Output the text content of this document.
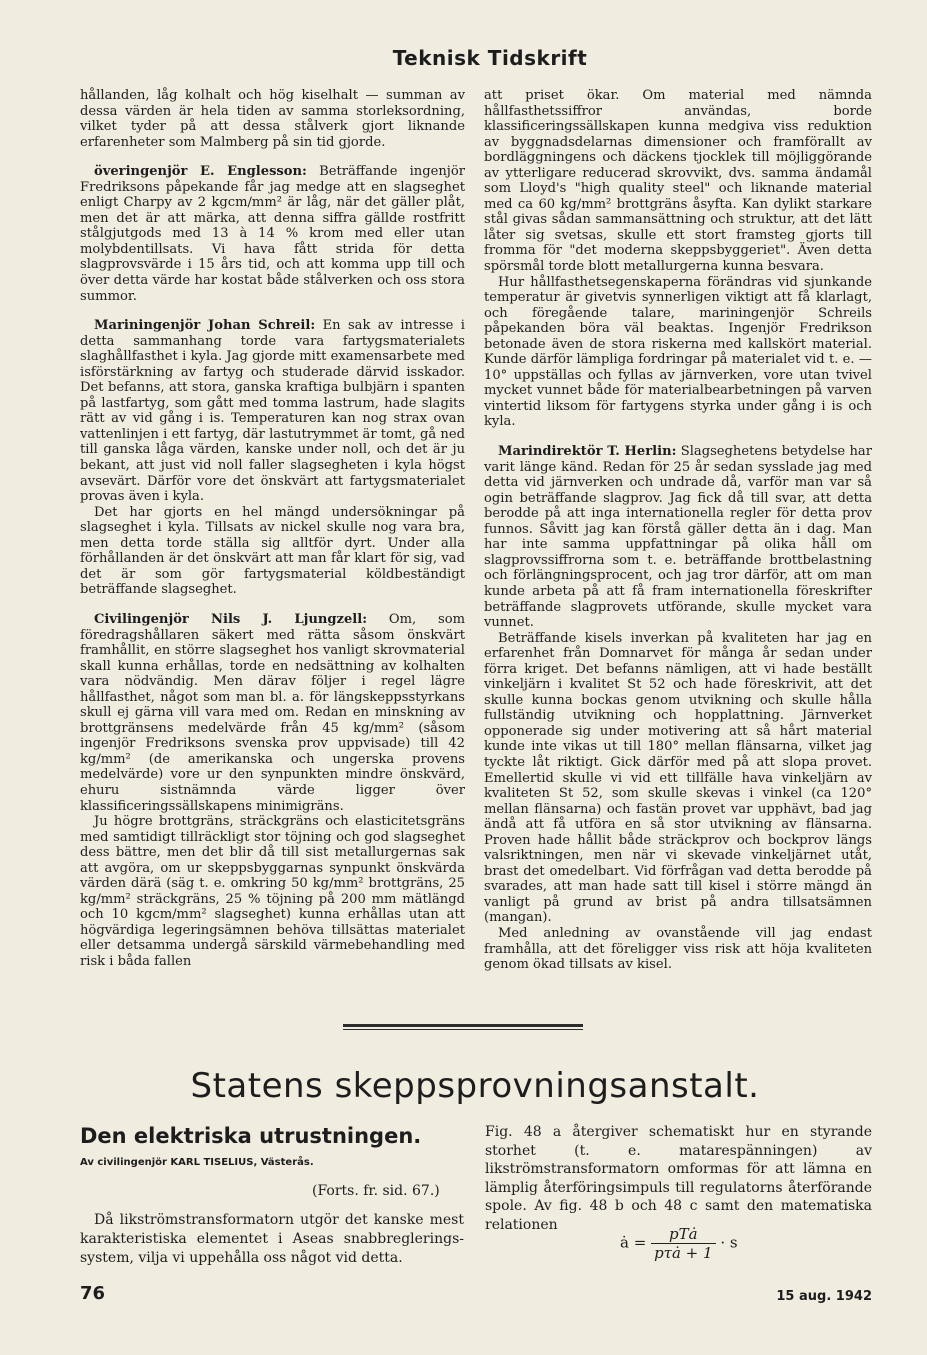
Teknisk Tidskrift

hållanden, låg kolhalt och hög kiselhalt — summan av dessa värden är hela tiden av samma storleksordning, vilket tyder på att dessa stålverk gjort liknande erfarenheter som Malmberg på sin tid gjorde.

överingenjör E. Englesson: Beträffande ingenjör Fredriksons påpekande får jag medge att en slagseghet enligt Charpy av 2 kgcm/mm² är låg, när det gäller plåt, men det är att märka, att denna siffra gällde rostfritt stålgjutgods med 13 à 14 % krom med eller utan molybdentillsats. Vi hava fått strida för detta slagprovsvärde i 15 års tid, och att komma upp till och över detta värde har kostat både stålverken och oss stora summor.

Mariningenjör Johan Schreil: En sak av intresse i detta sammanhang torde vara fartygsmaterialets slaghållfasthet i kyla. Jag gjorde mitt examensarbete med isförstärkning av fartyg och studerade därvid isskador. Det befanns, att stora, ganska kraftiga bulbjärn i spanten på lastfartyg, som gått med tomma lastrum, hade slagits rätt av vid gång i is. Temperaturen kan nog strax ovan vattenlinjen i ett fartyg, där lastutrymmet är tomt, gå ned till ganska låga värden, kanske under noll, och det är ju bekant, att just vid noll faller slagsegheten i kyla högst avsevärt. Därför vore det önskvärt att fartygsmaterialet provas även i kyla.

Det har gjorts en hel mängd undersökningar på slagseghet i kyla. Tillsats av nickel skulle nog vara bra, men detta torde ställa sig alltför dyrt. Under alla förhållanden är det önskvärt att man får klart för sig, vad det är som gör fartygsmaterial köldbeständigt beträffande slagseghet.

Civilingenjör Nils J. Ljungzell: Om, som föredragshållaren säkert med rätta såsom önskvärt framhållit, en större slagseghet hos vanligt skrovmaterial skall kunna erhållas, torde en nedsättning av kolhalten vara nödvändig. Men därav följer i regel lägre hållfasthet, något som man bl. a. för längskeppsstyrkans skull ej gärna vill vara med om. Redan en minskning av brottgränsens medelvärde från 45 kg/mm² (såsom ingenjör Fredriksons svenska prov uppvisade) till 42 kg/mm² (de amerikanska och ungerska provens medelvärde) vore ur den synpunkten mindre önskvärd, ehuru sistnämnda värde ligger över klassificeringssällskapens minimigräns.

Ju högre brottgräns, sträckgräns och elasticitetsgräns med samtidigt tillräckligt stor töjning och god slagseghet dess bättre, men det blir då till sist metallurgernas sak att avgöra, om ur skeppsbyggarnas synpunkt önskvärda värden därä (säg t. e. omkring 50 kg/mm² brottgräns, 25 kg/mm² sträckgräns, 25 % töjning på 200 mm mätlängd och 10 kgcm/mm² slagseghet) kunna erhållas utan att högvärdiga legeringsämnen behöva tillsättas materialet eller detsamma undergå särskild värmebehandling med risk i båda fallen

att priset ökar. Om material med nämnda hållfasthetssiffror användas, borde klassificeringssällskapen kunna medgiva viss reduktion av byggnadsdelarnas dimensioner och framförallt av bordläggningens och däckens tjocklek till möjliggörande av ytterligare reducerad skrovvikt, dvs. samma ändamål som Lloyd's "high quality steel" och liknande material med ca 60 kg/mm² brottgräns åsyfta. Kan dylikt starkare stål givas sådan sammansättning och struktur, att det lätt låter sig svetsas, skulle ett stort framsteg gjorts till fromma för "det moderna skeppsbyggeriet". Även detta spörsmål torde blott metallurgerna kunna besvara.

Hur hållfasthetsegenskaperna förändras vid sjunkande temperatur är givetvis synnerligen viktigt att få klarlagt, och föregående talare, mariningenjör Schreils påpekanden böra väl beaktas. Ingenjör Fredrikson betonade även de stora riskerna med kallskört material. Kunde därför lämpliga fordringar på materialet vid t. e. —10° uppställas och fyllas av järnverken, vore utan tvivel mycket vunnet både för materialbearbetningen på varven vintertid liksom för fartygens styrka under gång i is och kyla.

Marindirektör T. Herlin: Slagseghetens betydelse har varit länge känd. Redan för 25 år sedan syssladе jag med detta vid järnverken och undrade då, varför man var så ogin beträffande slagprov. Jag fick då till svar, att detta berodde på att inga internationella regler för detta prov funnos. Såvitt jag kan förstå gäller detta än i dag. Man har inte samma uppfattningar på olika håll om slagprovssiffrorna som t. e. beträffande brottbelastning och förlängningsprocent, och jag tror därför, att om man kunde arbeta på att få fram internationella föreskrifter beträffande slagprovets utförande, skulle mycket vara vunnet.

Beträffande kisels inverkan på kvaliteten har jag en erfarenhet från Domnarvet för många år sedan under förra kriget. Det befanns nämligen, att vi hade beställt vinkeljärn i kvalitet St 52 och hade föreskrivit, att det skulle kunna bockas genom utvikning och skulle hålla fullständig utvikning och hopplattning. Järnverket opponerade sig under motivering att så hårt material kunde inte vikas ut till 180° mellan flänsarna, vilket jag tyckte låt riktigt. Gick därför med på att slopa provet. Emellertid skulle vi vid ett tillfälle hava vinkeljärn av kvaliteten St 52, som skulle skevas i vinkel (ca 120° mellan flänsarna) och fastän provet var upphävt, bad jag ändå att få utföra en så stor utvikning av flänsarna. Proven hade hållit både sträckprov och bockprov längs valsriktningen, men när vi skevade vinkeljärnet utåt, brast det omedelbart. Vid förfrågan vad detta berodde på svarades, att man hade satt till kisel i större mängd än vanligt på grund av brist på andra tillsatsämnen (mangan).

Med anledning av ovanstående vill jag endast framhålla, att det föreligger viss risk att höja kvaliteten genom ökad tillsats av kisel.

Statens skeppsprovningsanstalt.
Den elektriska utrustningen.
Av civilingenjör KARL TISELIUS, Västerås.
(Forts. fr. sid. 67.)
Då likströmstransformatorn utgör det kanske mest karakteristiska elementet i Aseas snabbreglerings-system, vilja vi uppehålla oss något vid detta.
Fig. 48 a återgiver schematiskt hur en styrande storhet (t. e. matarespänningen) av likströmstransformatorn omformas för att lämna en lämplig återföringsimpuls till regulatorns återförande spole. Av fig. 48 b och 48 c samt den matematiska relationen
ȧ = $\frac{\text{pTȧ}}{\text{pτȧ + 1}} \cdot s$
76	15 aug. 1942
